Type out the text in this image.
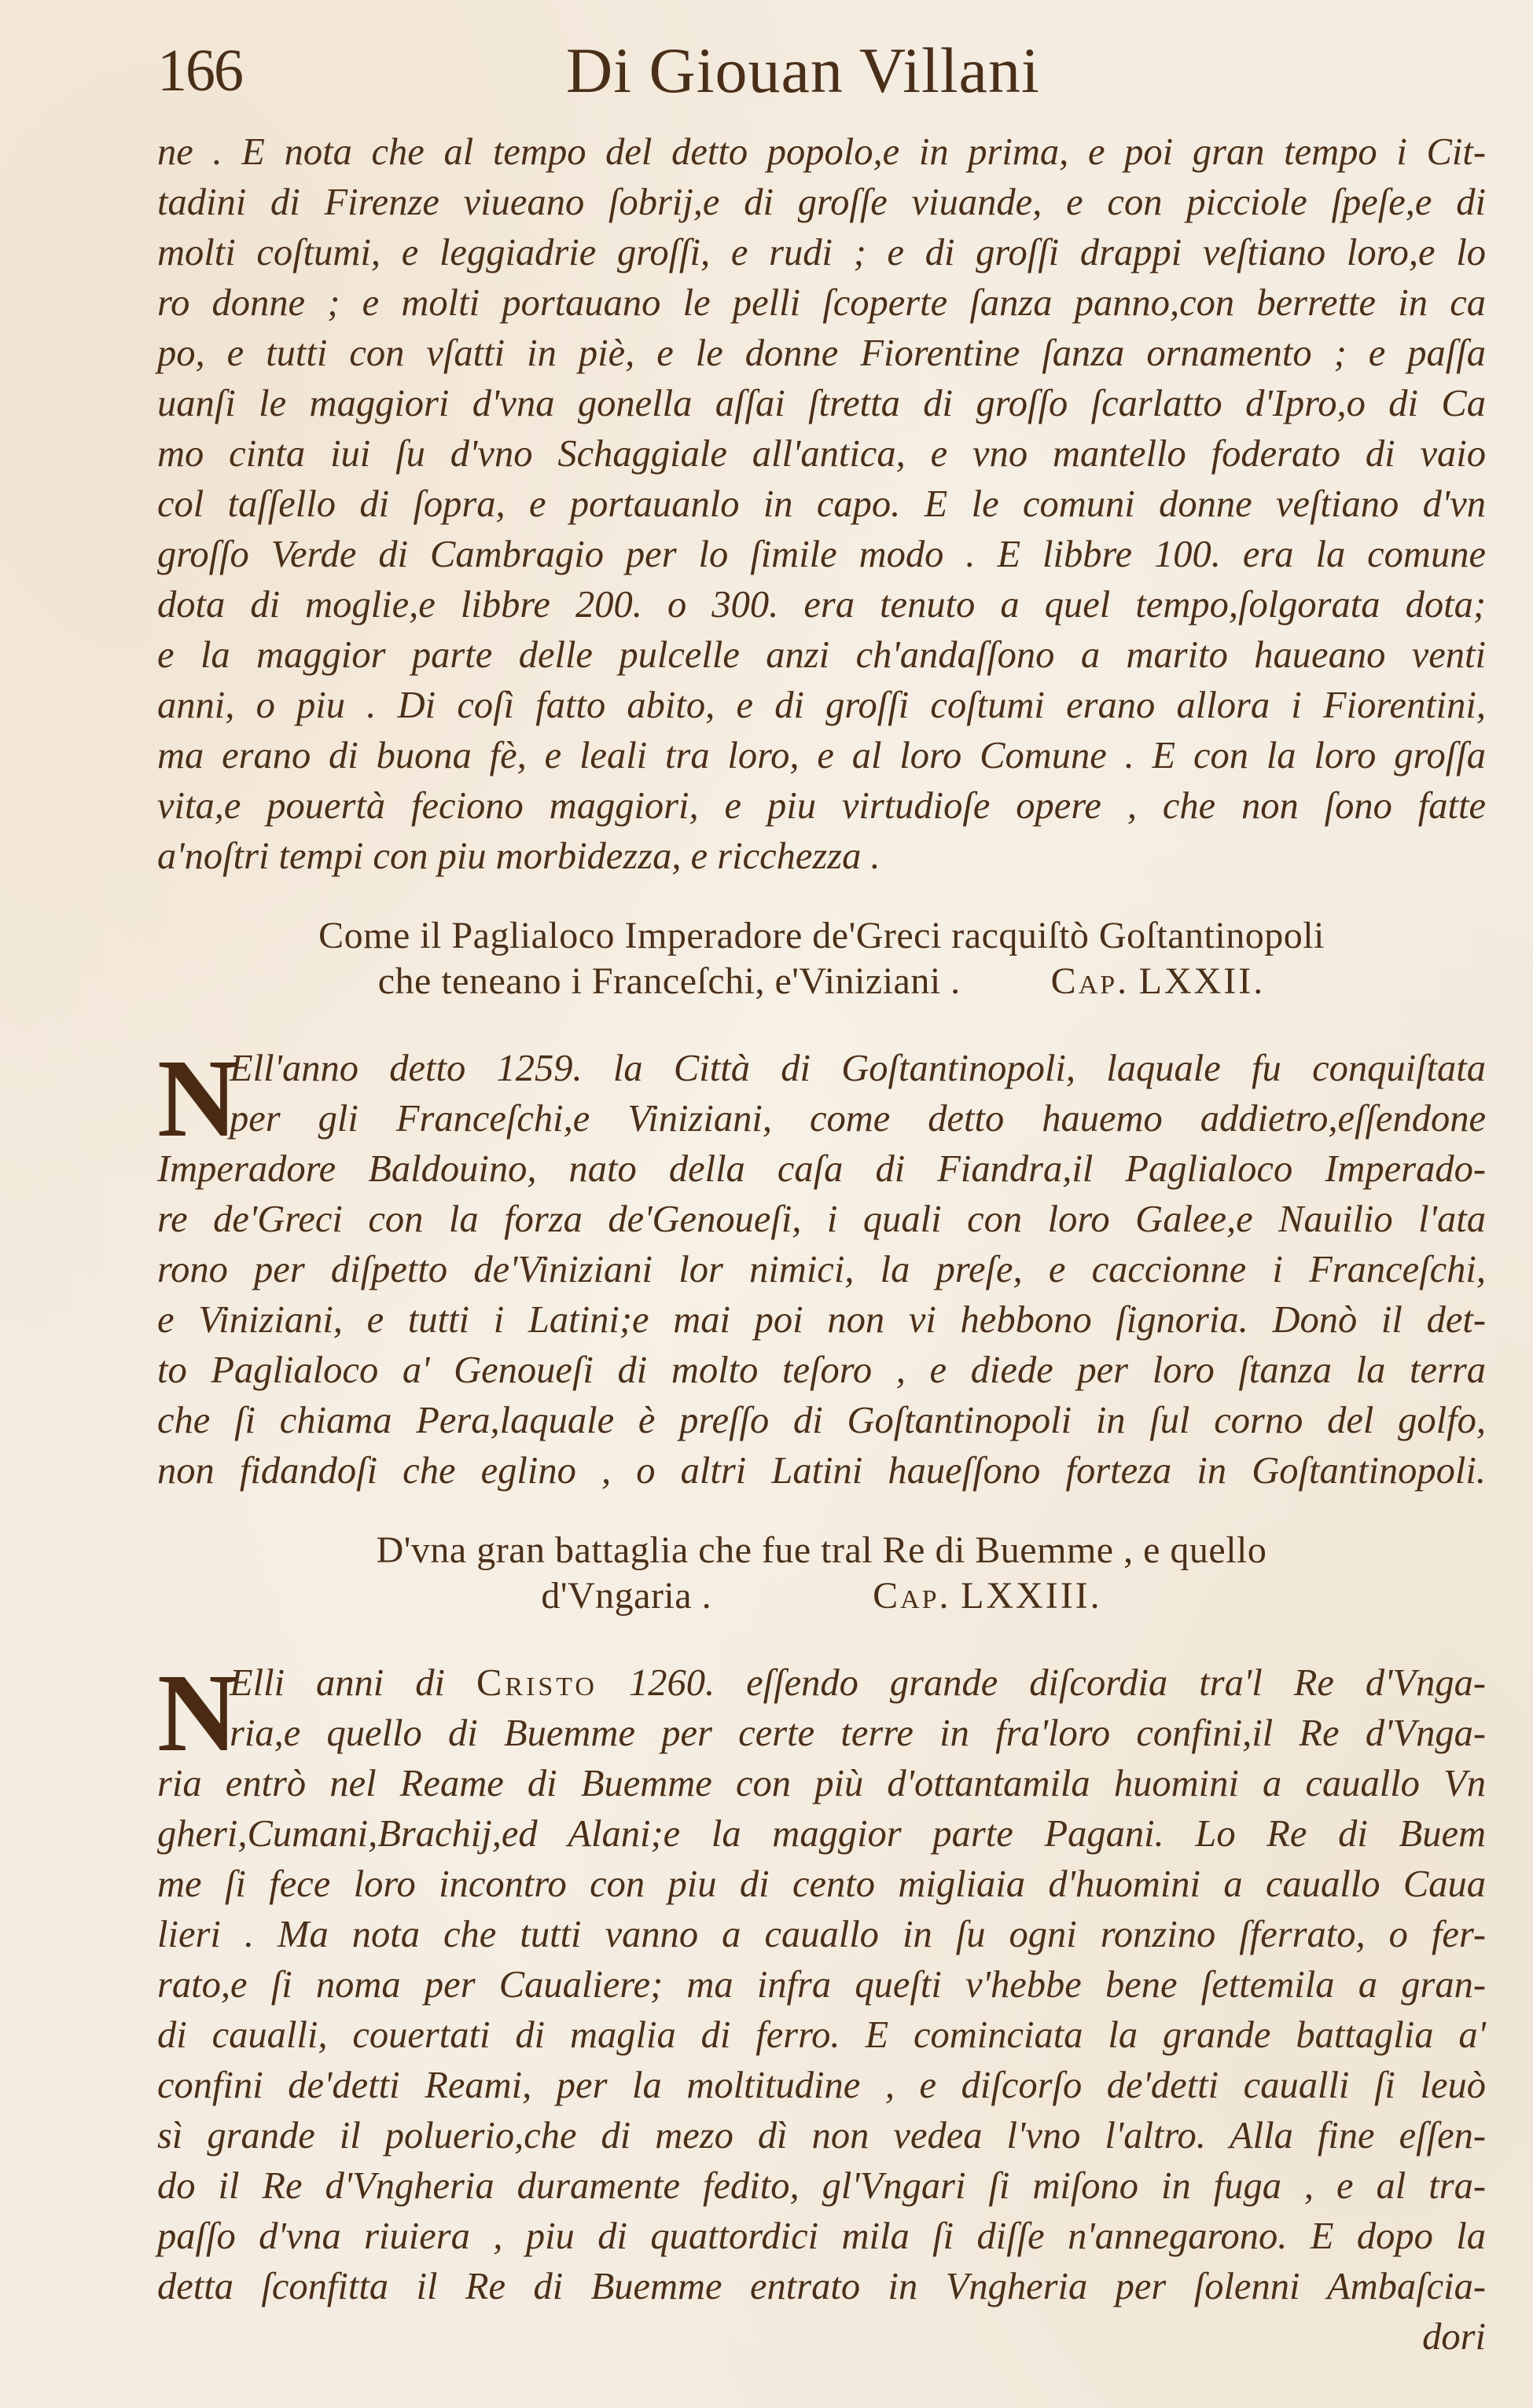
166	Di Giouan Villani
ne . E nota che al tempo del detto popolo,e in prima, e poi gran tempo i Cit-
tadini di Firenze viueano ſobrij,e di groſſe viuande, e con picciole ſpeſe,e di
molti coſtumi, e leggiadrie groſſi, e rudi ; e di groſſi drappi veſtiano loro,e lo
ro donne ; e molti portauano le pelli ſcoperte ſanza panno,con berrette in ca
po, e tutti con vſatti in piè, e le donne Fiorentine ſanza ornamento ; e paſſa
uanſi le maggiori d'vna gonella aſſai ſtretta di groſſo ſcarlatto d'Ipro,o di Ca
mo cinta iui ſu d'vno Schaggiale all'antica, e vno mantello foderato di vaio
col taſſello di ſopra, e portauanlo in capo. E le comuni donne veſtiano d'vn
groſſo Verde di Cambragio per lo ſimile modo . E libbre 100. era la comune
dota di moglie,e libbre 200. o 300. era tenuto a quel tempo,ſolgorata dota;
e la maggior parte delle pulcelle anzi ch'andaſſono a marito haueano venti
anni, o piu . Di coſì fatto abito, e di groſſi coſtumi erano allora i Fiorentini,
ma erano di buona fè, e leali tra loro, e al loro Comune . E con la loro groſſa
vita,e pouertà feciono maggiori, e piu virtudioſe opere , che non ſono fatte
a'noſtri tempi con piu morbidezza, e ricchezza .
Come il Paglialoco Imperadore de'Greci racquiſtò Goſtantinopoli
che teneano i Franceſchi, e'Viniziani . Cap. LXXII.
N
Ell'anno detto 1259. la Città di Goſtantinopoli, laquale fu conquiſtata
per gli Franceſchi,e Viniziani, come detto hauemo addietro,eſſendone
Imperadore Baldouino, nato della caſa di Fiandra,il Paglialoco Imperado-
re de'Greci con la forza de'Genoueſi, i quali con loro Galee,e Nauilio l'ata
rono per diſpetto de'Viniziani lor nimici, la preſe, e caccionne i Franceſchi,
e Viniziani, e tutti i Latini;e mai poi non vi hebbono ſignoria. Donò il det-
to Paglialoco a' Genoueſi di molto teſoro , e diede per loro ſtanza la terra
che ſi chiama Pera,laquale è preſſo di Goſtantinopoli in ſul corno del golfo,
non fidandoſi che eglino , o altri Latini haueſſono forteza in Goſtantinopoli.
D'vna gran battaglia che fue tral Re di Buemme , e quello
d'Vngaria .	Cap. LXXIII.
N
Elli anni di Cristo 1260. eſſendo grande diſcordia tra'l Re d'Vnga-
ria,e quello di Buemme per certe terre in fra'loro confini,il Re d'Vnga-
ria entrò nel Reame di Buemme con più d'ottantamila huomini a cauallo Vn
gheri,Cumani,Brachij,ed Alani;e la maggior parte Pagani. Lo Re di Buem
me ſi fece loro incontro con piu di cento migliaia d'huomini a cauallo Caua
lieri . Ma nota che tutti vanno a cauallo in ſu ogni ronzino ſferrato, o fer-
rato,e ſi noma per Caualiere; ma infra queſti v'hebbe bene ſettemila a gran-
di caualli, couertati di maglia di ferro. E cominciata la grande battaglia a'
confini de'detti Reami, per la moltitudine , e diſcorſo de'detti caualli ſi leuò
sì grande il poluerio,che di mezo dì non vedea l'vno l'altro. Alla fine eſſen-
do il Re d'Vngheria duramente fedito, gl'Vngari ſi miſono in fuga , e al tra-
paſſo d'vna riuiera , piu di quattordici mila ſi diſſe n'annegarono. E dopo la
detta ſconfitta il Re di Buemme entrato in Vngheria per ſolenni Ambaſcia-
dori
